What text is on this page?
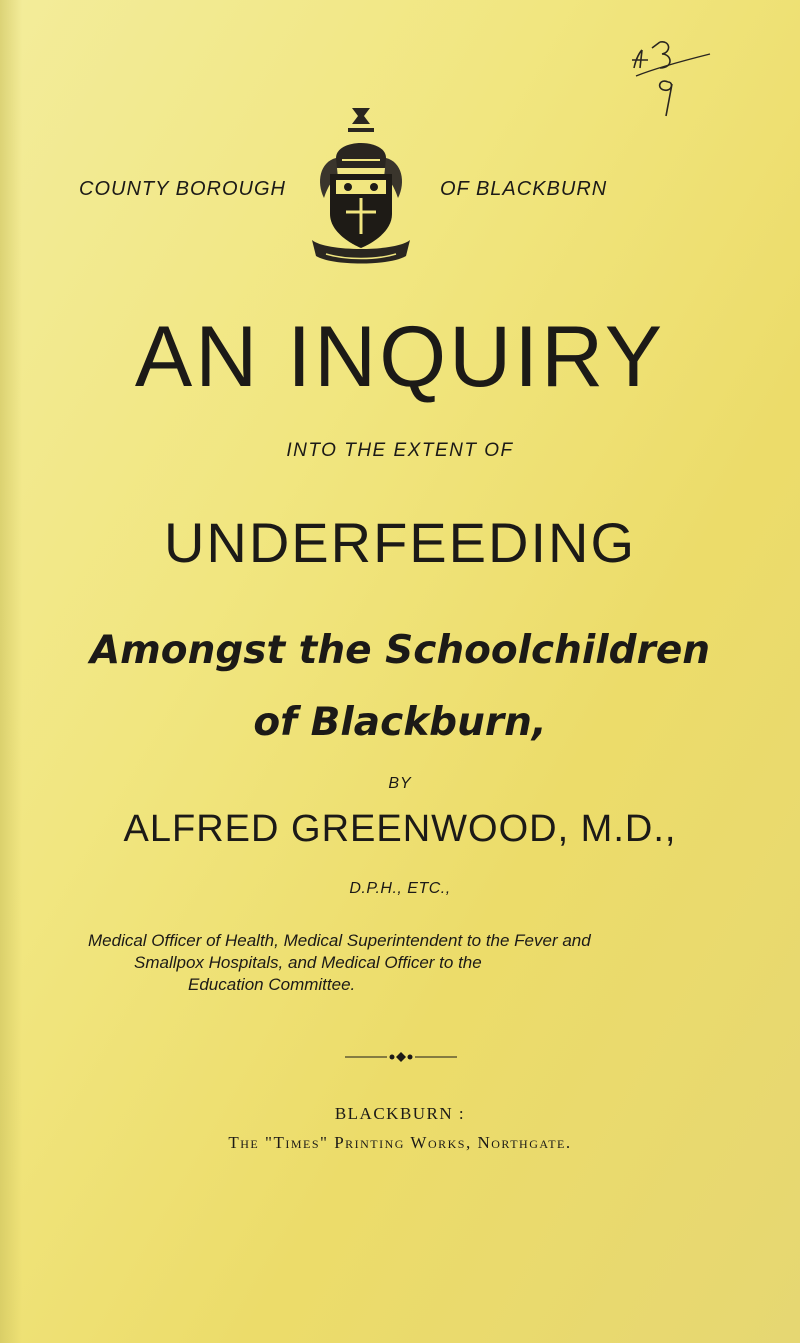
COUNTY BOROUGH	OF BLACKBURN
AN INQUIRY
INTO THE EXTENT OF
UNDERFEEDING
Amongst the Schoolchildren
of Blackburn,
BY
ALFRED GREENWOOD, M.D.,
D.P.H., ETC.,
Medical Officer of Health, Medical Superintendent to the Fever and
Smallpox Hospitals, and Medical Officer to the
Education Committee.
BLACKBURN :
The "Times" Printing Works, Northgate.
